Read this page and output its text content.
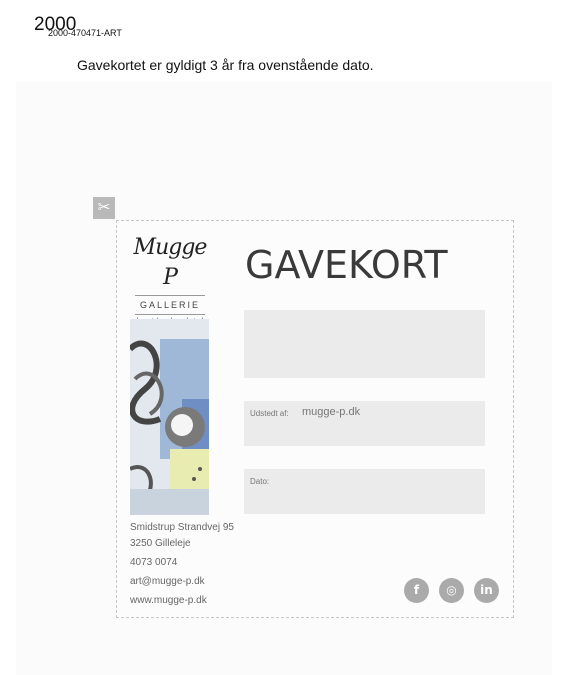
2000
2000-470471-ART
Gavekortet er gyldigt 3 år fra ovenstående dato.
✂
Mugge P
GALLERIE
GAVEKORT
Udstedt af: mugge-p.dk
Dato:
Smidstrup Strandvej 95
3250 Gilleleje
4073 0074
art@mugge-p.dk
www.mugge-p.dk
f	◎	in
